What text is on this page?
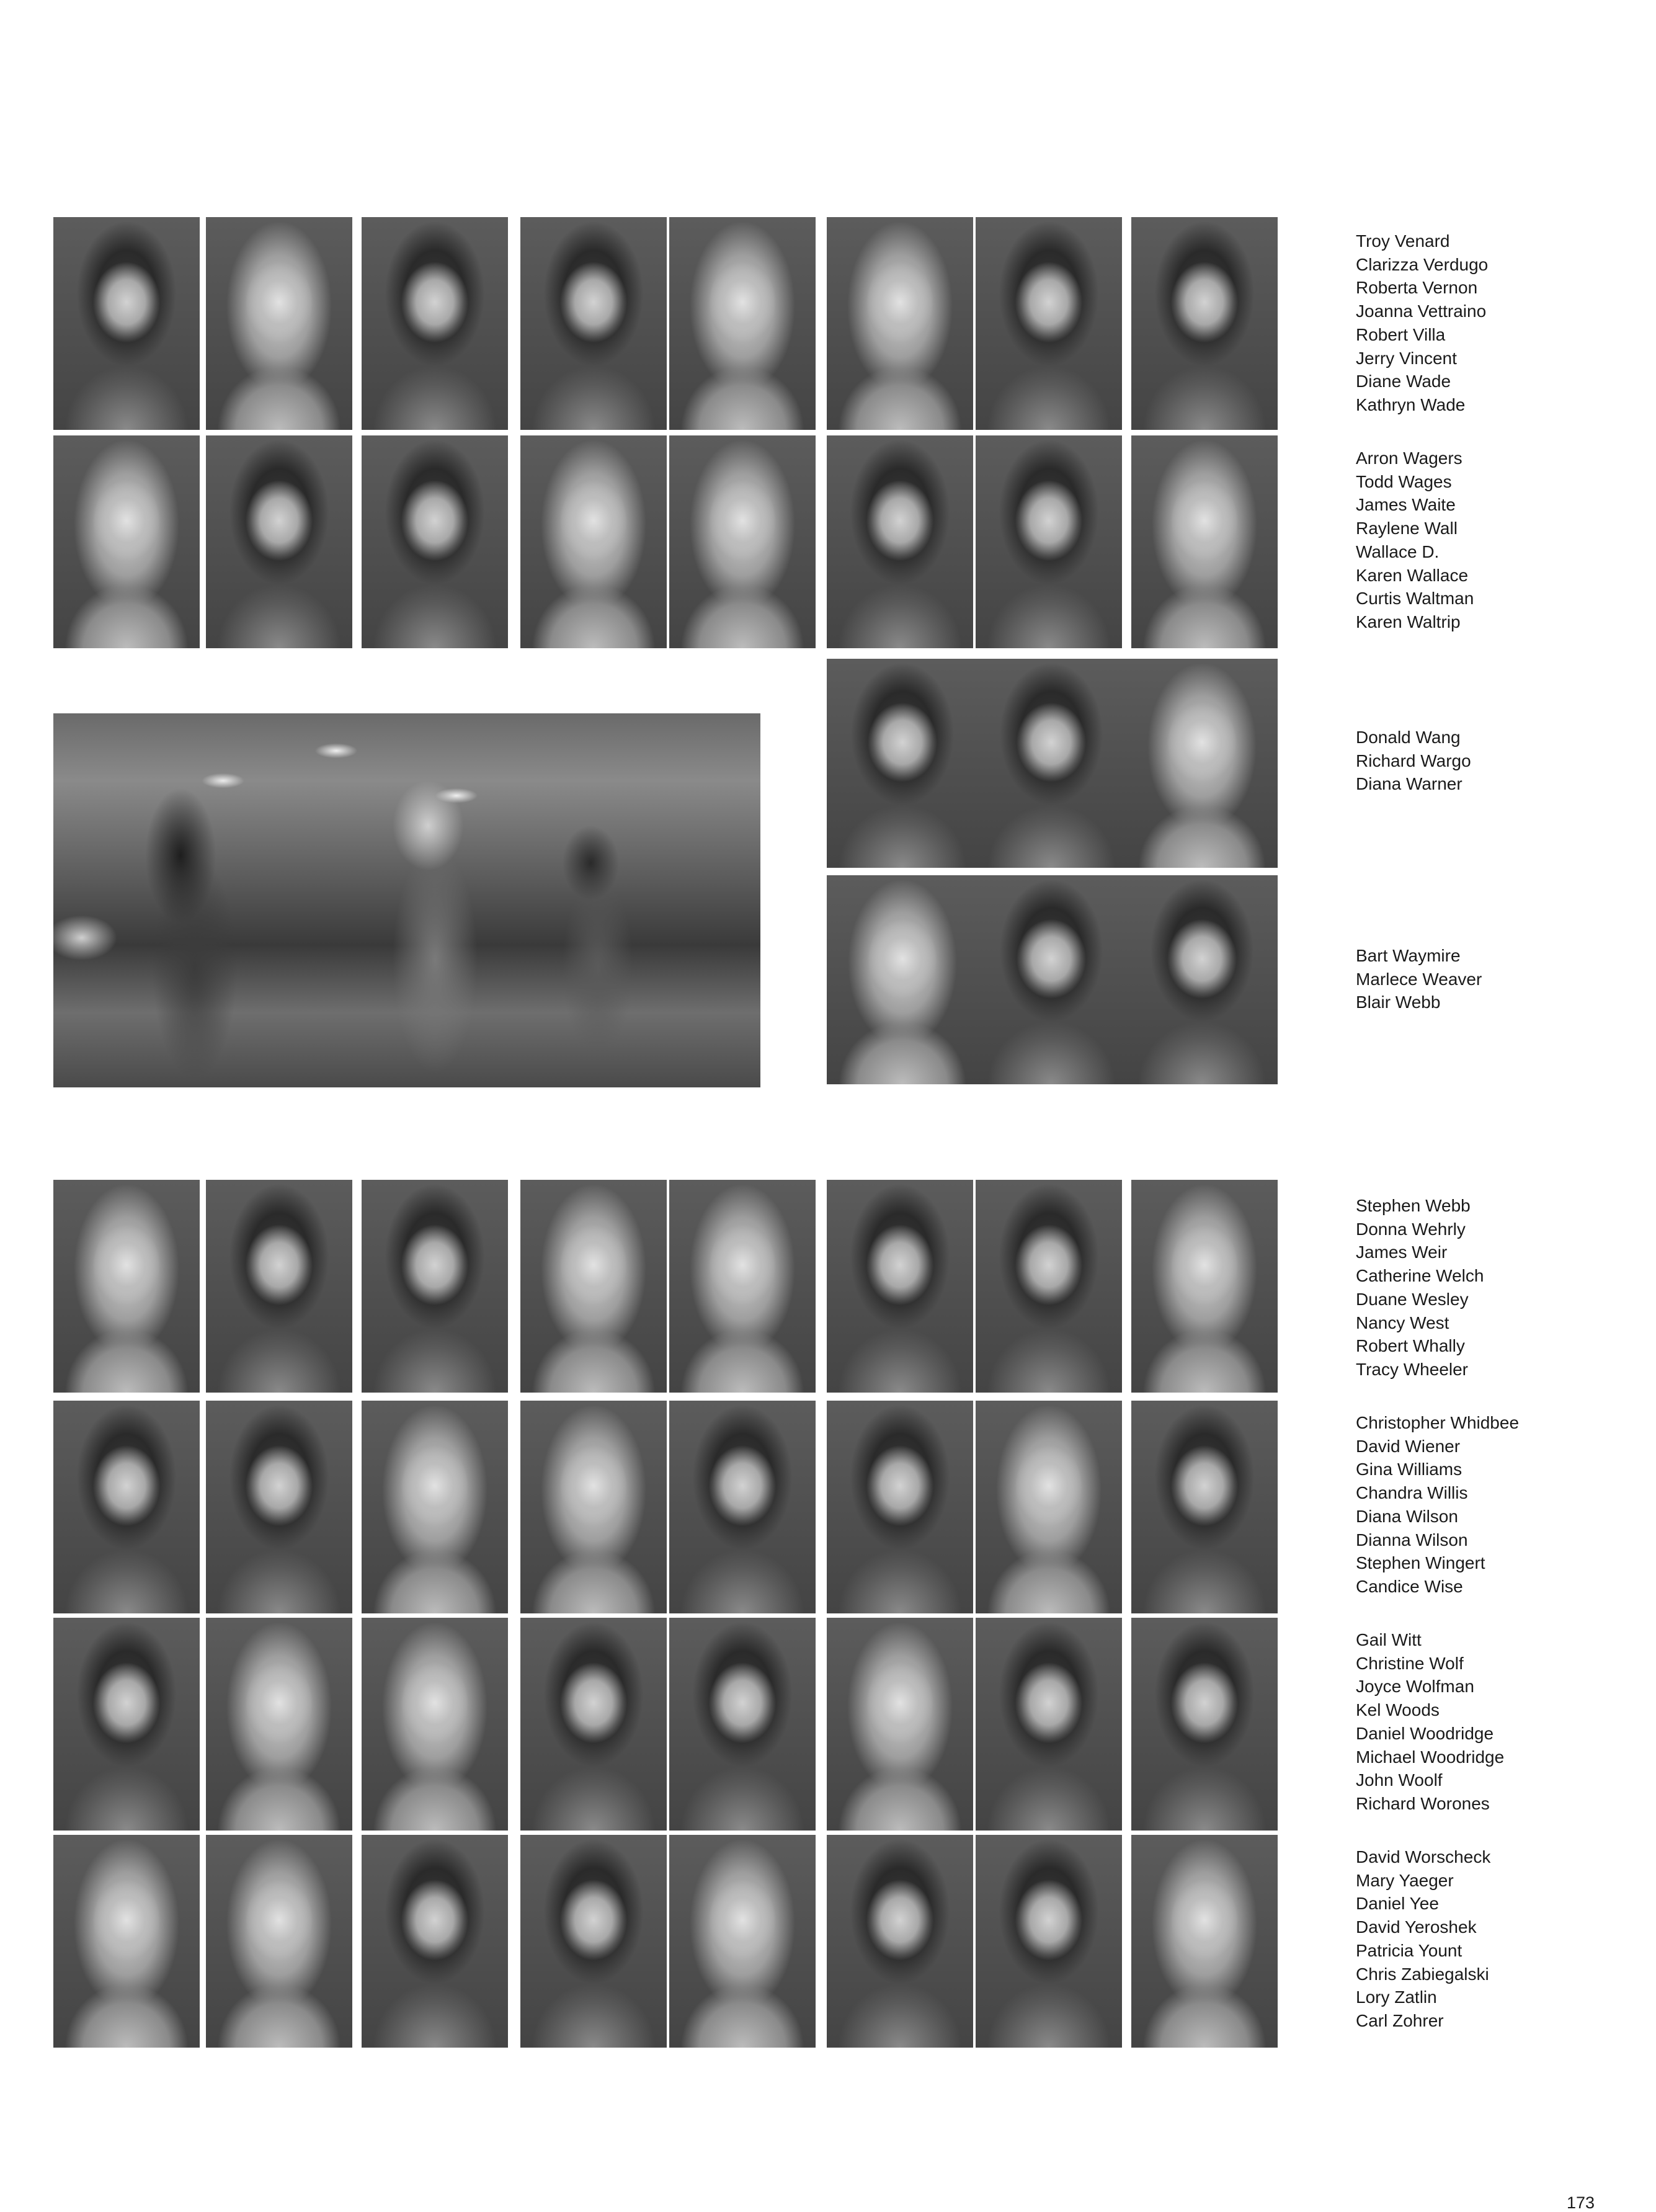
Troy Venard
Clarizza Verdugo
Roberta Vernon
Joanna Vettraino
Robert Villa
Jerry Vincent
Diane Wade
Kathryn Wade
Arron Wagers
Todd Wages
James Waite
Raylene Wall
Wallace D.
Karen Wallace
Curtis Waltman
Karen Waltrip
Donald Wang
Richard Wargo
Diana Warner
Bart Waymire
Marlece Weaver
Blair Webb
Stephen Webb
Donna Wehrly
James Weir
Catherine Welch
Duane Wesley
Nancy West
Robert Whally
Tracy Wheeler
Christopher Whidbee
David Wiener
Gina Williams
Chandra Willis
Diana Wilson
Dianna Wilson
Stephen Wingert
Candice Wise
Gail Witt
Christine Wolf
Joyce Wolfman
Kel Woods
Daniel Woodridge
Michael Woodridge
John Woolf
Richard Worones
David Worscheck
Mary Yaeger
Daniel Yee
David Yeroshek
Patricia Yount
Chris Zabiegalski
Lory Zatlin
Carl Zohrer
173
